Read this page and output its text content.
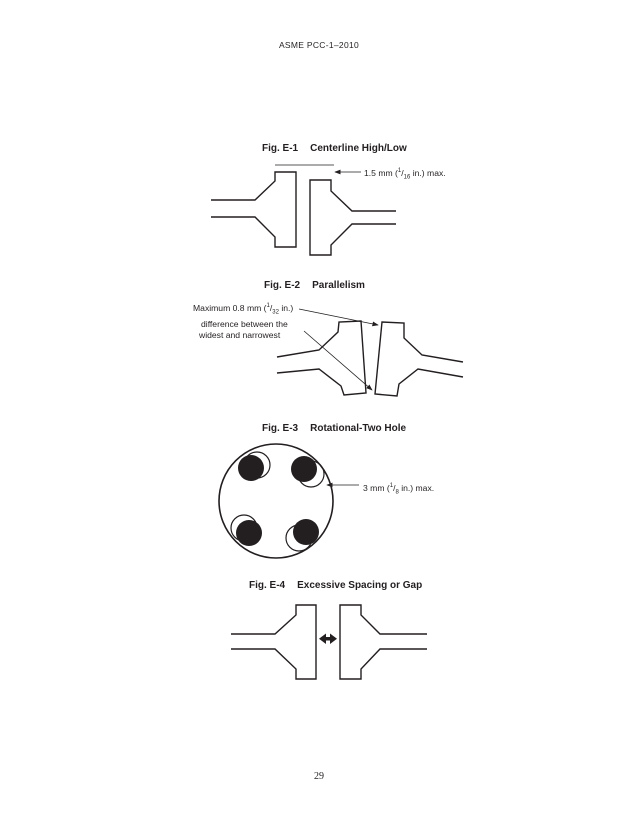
ASME PCC-1–2010
Fig. E-1 Centerline High/Low
Fig. E-2 Parallelism
Fig. E-3 Rotational-Two Hole
Fig. E-4 Excessive Spacing or Gap
1.5 mm ($^1/_{16}$ in.) max.
Maximum 0.8 mm ($^1/_{32}$ in.)
difference between the
widest and narrowest
3 mm ($^1/_8$ in.) max.
29
